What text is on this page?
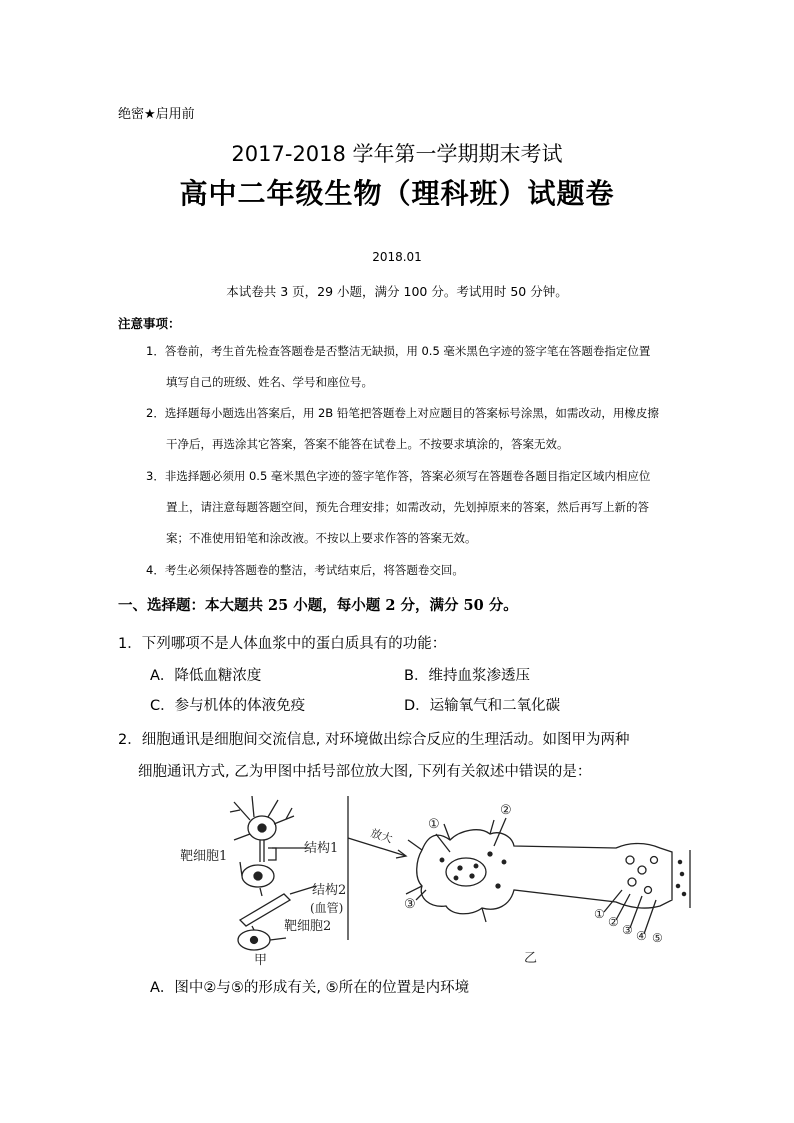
绝密★启用前
2017-2018 学年第一学期期末考试
高中二年级生物（理科班）试题卷
2018.01
本试卷共 3 页，29 小题，满分 100 分。考试用时 50 分钟。
注意事项：
1．答卷前，考生首先检查答题卷是否整洁无缺损，用 0.5 毫米黑色字迹的签字笔在答题卷指定位置
填写自己的班级、姓名、学号和座位号。
2．选择题每小题选出答案后，用 2B 铅笔把答题卷上对应题目的答案标号涂黑，如需改动，用橡皮擦
干净后，再选涂其它答案，答案不能答在试卷上。不按要求填涂的，答案无效。
3．非选择题必须用 0.5 毫米黑色字迹的签字笔作答，答案必须写在答题卷各题目指定区域内相应位
置上，请注意每题答题空间，预先合理安排；如需改动，先划掉原来的答案，然后再写上新的答
案；不准使用铅笔和涂改液。不按以上要求作答的答案无效。
4．考生必须保持答题卷的整洁，考试结束后，将答题卷交回。
一、选择题：本大题共 25 小题，每小题 2 分，满分 50 分。
1．下列哪项不是人体血浆中的蛋白质具有的功能：
A．降低血糖浓度	B．维持血浆渗透压
C．参与机体的体液免疫	D．运输氧气和二氧化碳
2．细胞通讯是细胞间交流信息, 对环境做出综合反应的生理活动。如图甲为两种
细胞通讯方式, 乙为甲图中括号部位放大图, 下列有关叙述中错误的是：
靶细胞1
结构1
结构2
(血管)
靶细胞2
甲
放大
①
②
③
①
②
③ ④ ⑤
乙
A．图中②与⑤的形成有关, ⑤所在的位置是内环境
